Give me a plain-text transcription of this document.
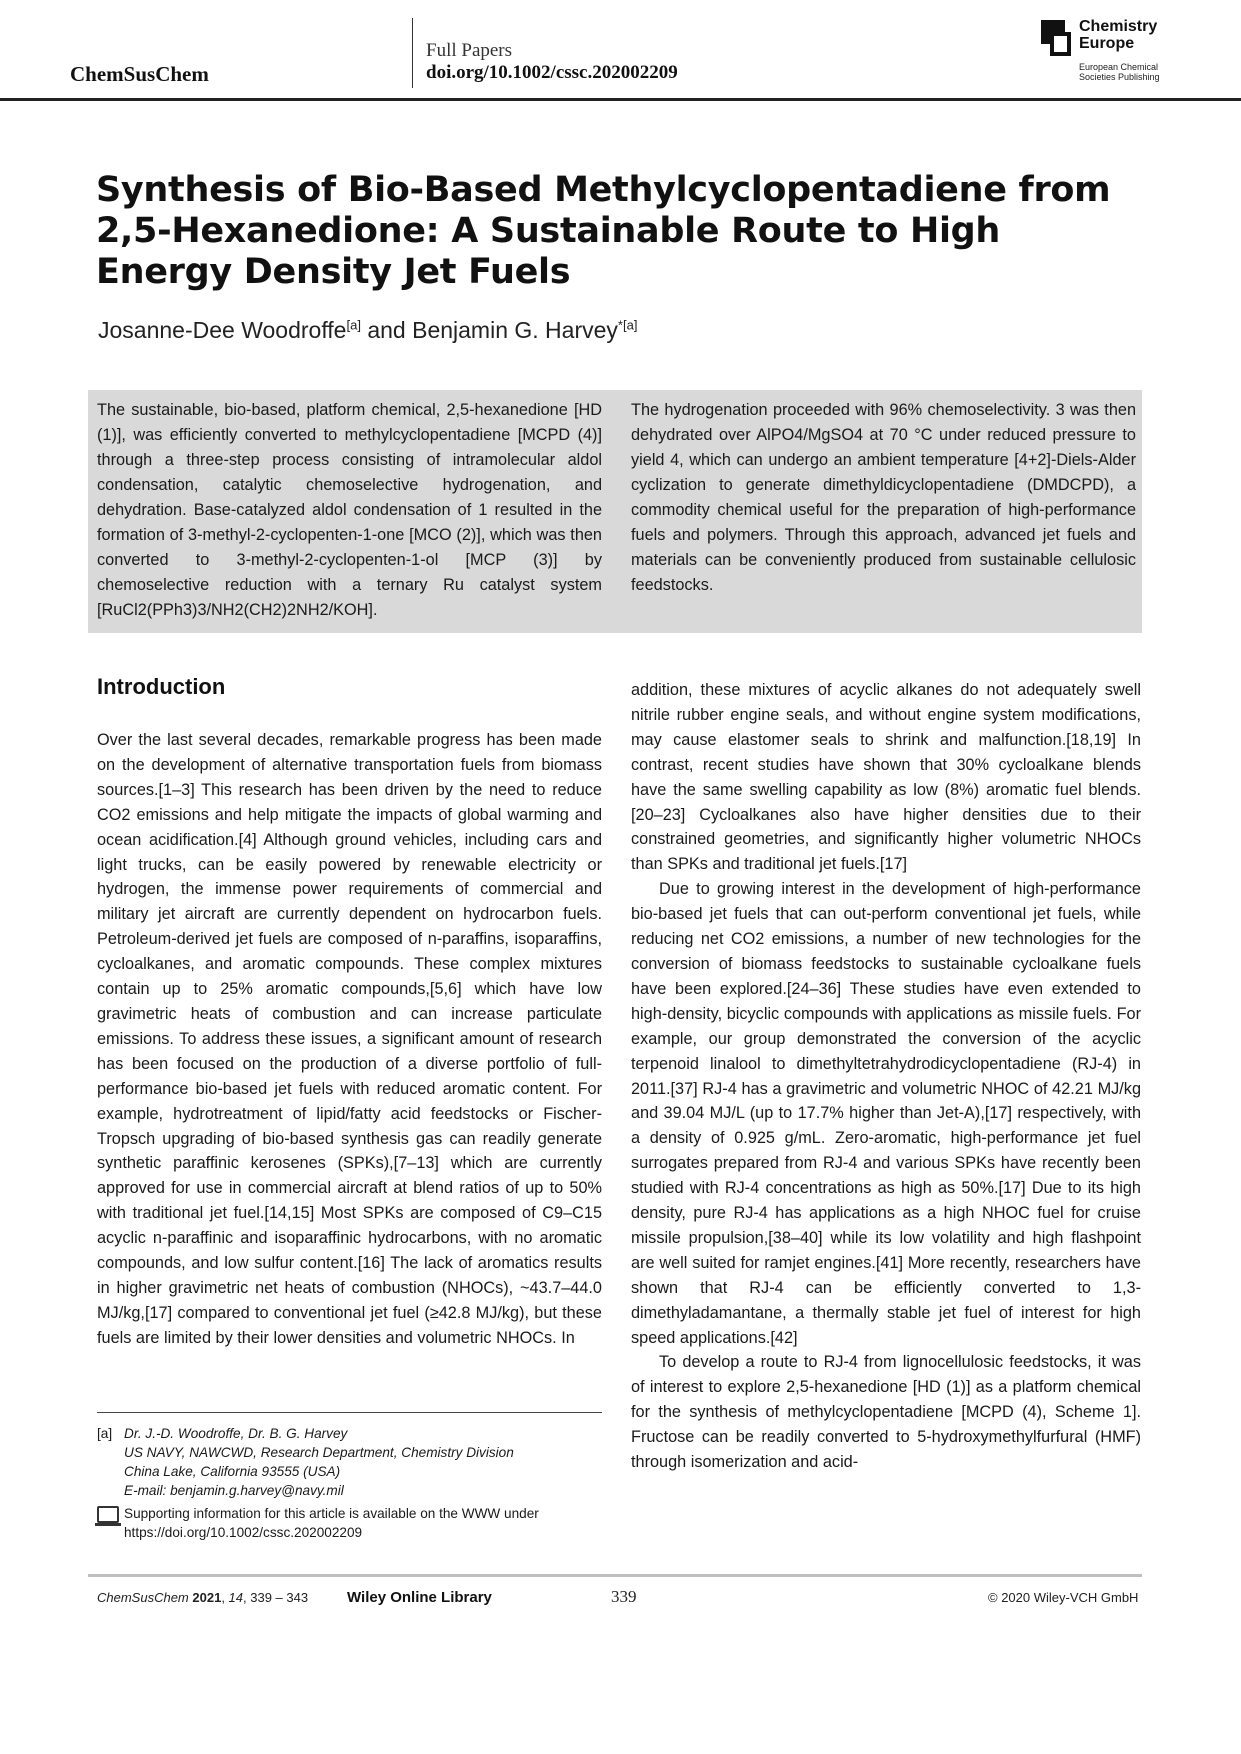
ChemSusChem
Full Papers
doi.org/10.1002/cssc.202002209
Chemistry Europe
European Chemical Societies Publishing
Synthesis of Bio-Based Methylcyclopentadiene from 2,5-Hexanedione: A Sustainable Route to High Energy Density Jet Fuels
Josanne-Dee Woodroffe[a] and Benjamin G. Harvey$^{*[a]}$

The sustainable, bio-based, platform chemical, 2,5-hexanedione [HD (1)], was efficiently converted to methylcyclopentadiene [MCPD (4)] through a three-step process consisting of intramolecular aldol condensation, catalytic chemoselective hydrogenation, and dehydration. Base-catalyzed aldol condensation of 1 resulted in the formation of 3-methyl-2-cyclopenten-1-one [MCO (2)], which was then converted to 3-methyl-2-cyclopenten-1-ol [MCP (3)] by chemoselective reduction with a ternary Ru catalyst system [RuCl2(PPh3)3/NH2(CH2)2NH2/KOH].

The hydrogenation proceeded with 96% chemoselectivity. 3 was then dehydrated over AlPO4/MgSO4 at 70 °C under reduced pressure to yield 4, which can undergo an ambient temperature [4+2]-Diels-Alder cyclization to generate dimethyldicyclopentadiene (DMDCPD), a commodity chemical useful for the preparation of high-performance fuels and polymers. Through this approach, advanced jet fuels and materials can be conveniently produced from sustainable cellulosic feedstocks.

Introduction

Over the last several decades, remarkable progress has been made on the development of alternative transportation fuels from biomass sources.[1–3] This research has been driven by the need to reduce CO2 emissions and help mitigate the impacts of global warming and ocean acidification.[4] Although ground vehicles, including cars and light trucks, can be easily powered by renewable electricity or hydrogen, the immense power requirements of commercial and military jet aircraft are currently dependent on hydrocarbon fuels. Petroleum-derived jet fuels are composed of n-paraffins, isoparaffins, cycloalkanes, and aromatic compounds. These complex mixtures contain up to 25% aromatic compounds,[5,6] which have low gravimetric heats of combustion and can increase particulate emissions. To address these issues, a significant amount of research has been focused on the production of a diverse portfolio of full-performance bio-based jet fuels with reduced aromatic content. For example, hydrotreatment of lipid/fatty acid feedstocks or Fischer-Tropsch upgrading of bio-based synthesis gas can readily generate synthetic paraffinic kerosenes (SPKs),[7–13] which are currently approved for use in commercial aircraft at blend ratios of up to 50% with traditional jet fuel.[14,15] Most SPKs are composed of C9–C15 acyclic n-paraffinic and isoparaffinic hydrocarbons, with no aromatic compounds, and low sulfur content.[16] The lack of aromatics results in higher gravimetric net heats of combustion (NHOCs), ~43.7–44.0 MJ/kg,[17] compared to conventional jet fuel (≥42.8 MJ/kg), but these fuels are limited by their lower densities and volumetric NHOCs. In

addition, these mixtures of acyclic alkanes do not adequately swell nitrile rubber engine seals, and without engine system modifications, may cause elastomer seals to shrink and malfunction.[18,19] In contrast, recent studies have shown that 30% cycloalkane blends have the same swelling capability as low (8%) aromatic fuel blends.[20–23] Cycloalkanes also have higher densities due to their constrained geometries, and significantly higher volumetric NHOCs than SPKs and traditional jet fuels.[17]

Due to growing interest in the development of high-performance bio-based jet fuels that can out-perform conventional jet fuels, while reducing net CO2 emissions, a number of new technologies for the conversion of biomass feedstocks to sustainable cycloalkane fuels have been explored.[24–36] These studies have even extended to high-density, bicyclic compounds with applications as missile fuels. For example, our group demonstrated the conversion of the acyclic terpenoid linalool to dimethyltetrahydrodicyclopentadiene (RJ-4) in 2011.[37] RJ-4 has a gravimetric and volumetric NHOC of 42.21 MJ/kg and 39.04 MJ/L (up to 17.7% higher than Jet-A),[17] respectively, with a density of 0.925 g/mL. Zero-aromatic, high-performance jet fuel surrogates prepared from RJ-4 and various SPKs have recently been studied with RJ-4 concentrations as high as 50%.[17] Due to its high density, pure RJ-4 has applications as a high NHOC fuel for cruise missile propulsion,[38–40] while its low volatility and high flashpoint are well suited for ramjet engines.[41] More recently, researchers have shown that RJ-4 can be efficiently converted to 1,3-dimethyladamantane, a thermally stable jet fuel of interest for high speed applications.[42]

To develop a route to RJ-4 from lignocellulosic feedstocks, it was of interest to explore 2,5-hexanedione [HD (1)] as a platform chemical for the synthesis of methylcyclopentadiene [MCPD (4), Scheme 1]. Fructose can be readily converted to 5-hydroxymethylfurfural (HMF) through isomerization and acid-

[a] Dr. J.-D. Woodroffe, Dr. B. G. Harvey
US NAVY, NAWCWD, Research Department, Chemistry Division
China Lake, California 93555 (USA)
E-mail: benjamin.g.harvey@navy.mil
Supporting information for this article is available on the WWW under https://doi.org/10.1002/cssc.202002209
ChemSusChem 2021, 14, 339 – 343	Wiley Online Library	339	© 2020 Wiley-VCH GmbH
